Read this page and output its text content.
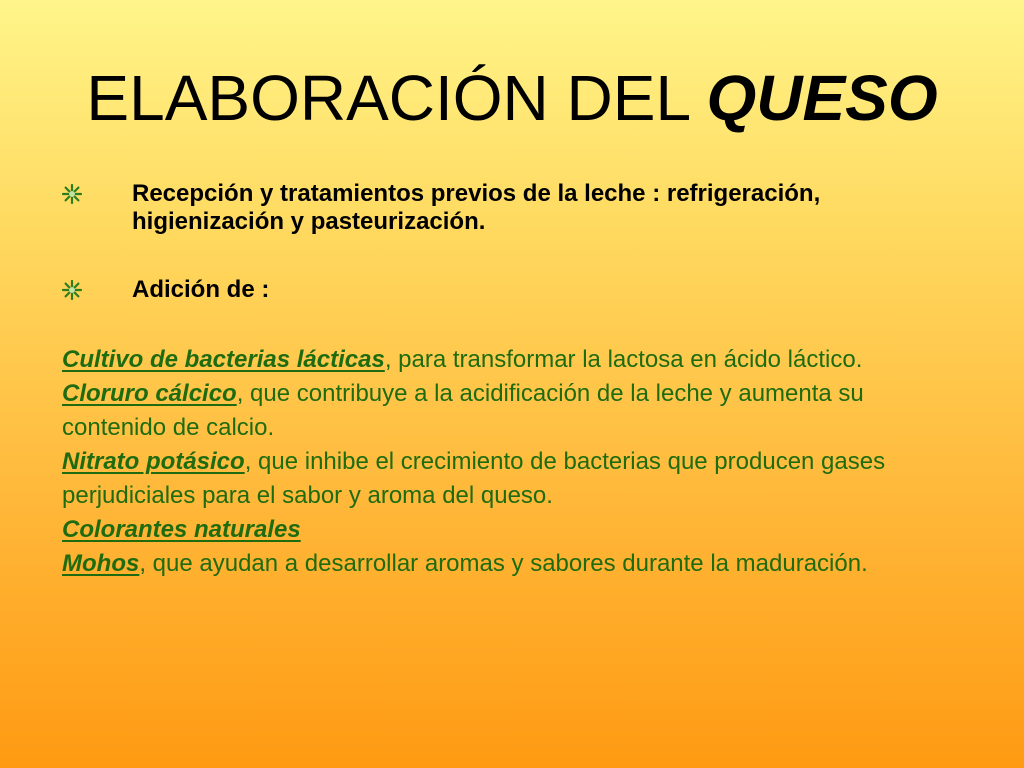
ELABORACIÓN DEL QUESO
Recepción y tratamientos previos de la leche : refrigeración, higienización y pasteurización.
Adición de :
Cultivo de bacterias lácticas, para transformar la lactosa en ácido láctico.
Cloruro cálcico, que contribuye a la acidificación de la leche y aumenta su contenido de calcio.
Nitrato potásico, que inhibe el crecimiento de bacterias que producen gases perjudiciales para el sabor y aroma del queso.
Colorantes naturales
Mohos, que ayudan a desarrollar aromas y sabores durante la maduración.
